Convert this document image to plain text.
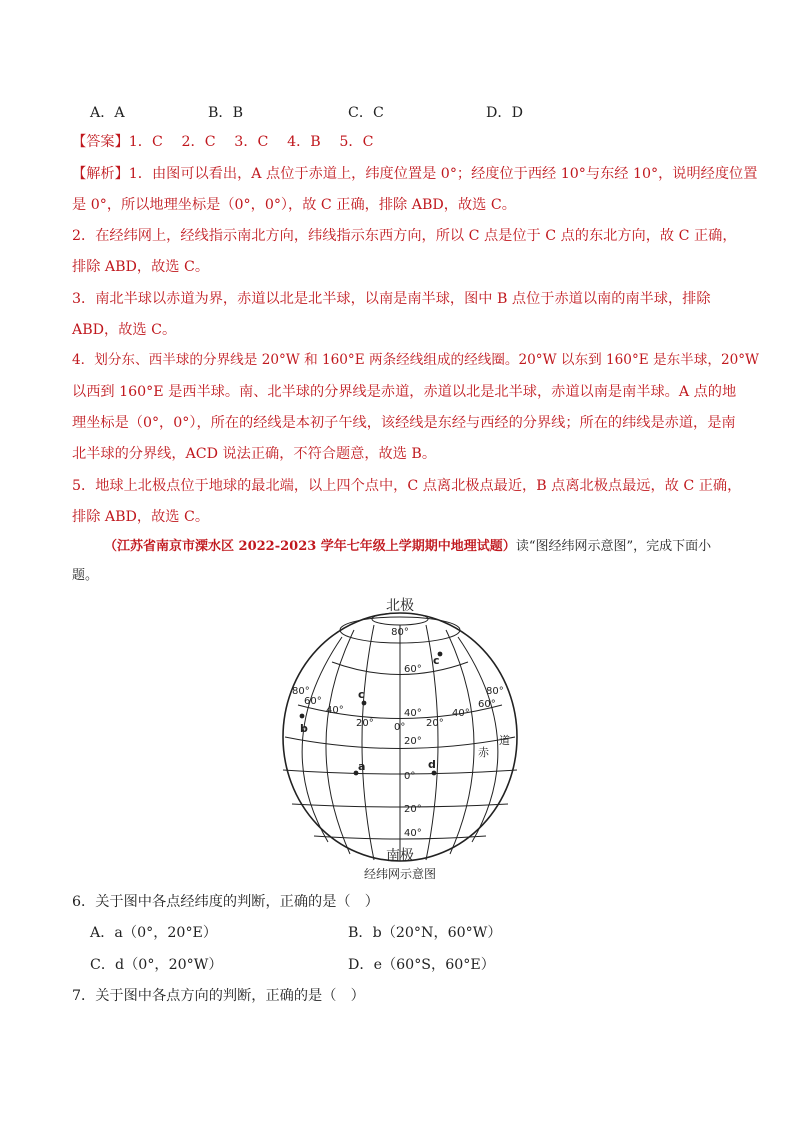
A．A	B．B	C．C	D．D
【答案】1．C　 2．C　 3．C　 4．B　 5．C
【解析】1．由图可以看出，A 点位于赤道上，纬度位置是 0°；经度位于西经 10°与东经 10°，说明经度位置
是 0°，所以地理坐标是（0°，0°），故 C 正确，排除 ABD，故选 C。
2．在经纬网上，经线指示南北方向，纬线指示东西方向，所以 C 点是位于 C 点的东北方向，故 C 正确，
排除 ABD，故选 C。
3．南北半球以赤道为界，赤道以北是北半球，以南是南半球，图中 B 点位于赤道以南的南半球，排除
ABD，故选 C。
4．划分东、西半球的分界线是 20°W 和 160°E 两条经线组成的经线圈。20°W 以东到 160°E 是东半球，20°W
以西到 160°E 是西半球。南、北半球的分界线是赤道，赤道以北是北半球，赤道以南是南半球。A 点的地
理坐标是（0°，0°），所在的经线是本初子午线，该经线是东经与西经的分界线；所在的纬线是赤道，是南
北半球的分界线，ACD 说法正确，不符合题意，故选 B。
5．地球上北极点位于地球的最北端，以上四个点中，C 点离北极点最近，B 点离北极点最远，故 C 正确，
排除 ABD，故选 C。
（江苏省南京市溧水区 2022-2023 学年七年级上学期期中地理试题）读“图经纬网示意图”，完成下面小
题。
北极
80°
60°
40°
20°
0°
20°
40°
80°
60°
40°
20° 0° 20°
40°
60°
80°
赤
道
c
c
b
a	d
南极
经纬网示意图
6．关于图中各点经纬度的判断，正确的是（　）
A．a（0°，20°E）	B．b（20°N，60°W）
C．d（0°，20°W）	D．e（60°S，60°E）
7．关于图中各点方向的判断，正确的是（　）
